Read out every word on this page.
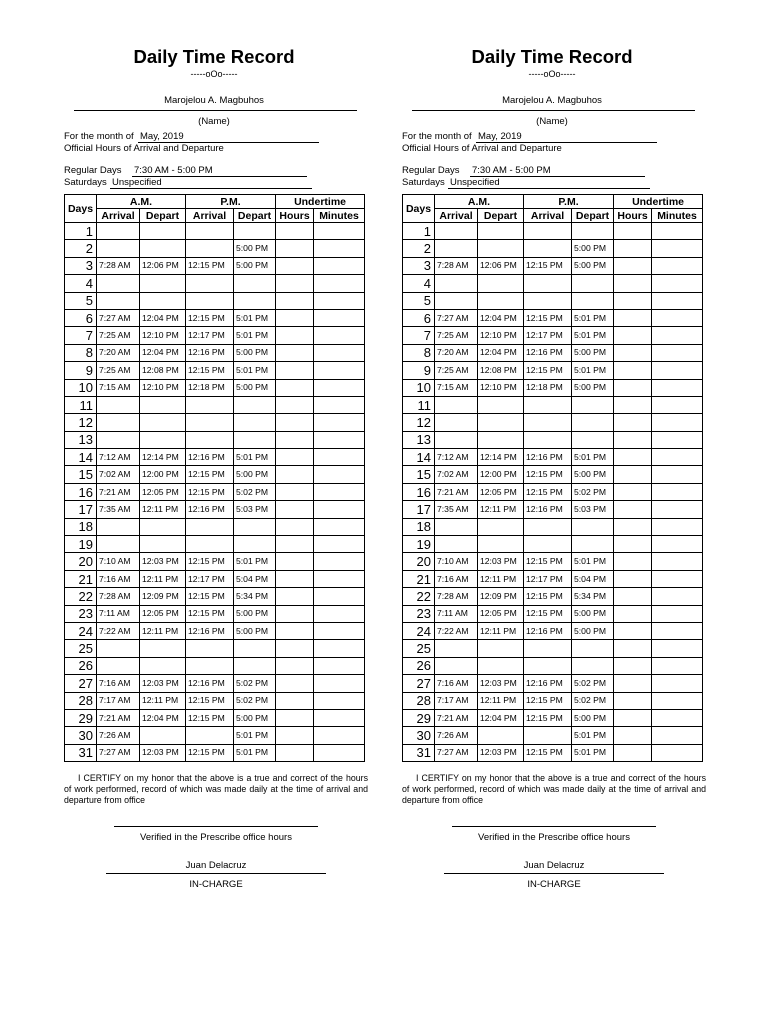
Daily Time Record
-----oOo-----
Marojelou A. Magbuhos
(Name)
For the month of May, 2019
Official Hours of Arrival and Departure
Regular Days 7:30 AM - 5:00 PM
Saturdays Unspecified
Days	A.M.		P.M.		Undertime	
	Arrival	Depart	Arrival	Depart	Hours	Minutes
1						
2				5:00 PM		
3	7:28 AM	12:06 PM	12:15 PM	5:00 PM		
4						
5						
6	7:27 AM	12:04 PM	12:15 PM	5:01 PM		
7	7:25 AM	12:10 PM	12:17 PM	5:01 PM		
8	7:20 AM	12:04 PM	12:16 PM	5:00 PM		
9	7:25 AM	12:08 PM	12:15 PM	5:01 PM		
10	7:15 AM	12:10 PM	12:18 PM	5:00 PM		
11						
12						
13						
14	7:12 AM	12:14 PM	12:16 PM	5:01 PM		
15	7:02 AM	12:00 PM	12:15 PM	5:00 PM		
16	7:21 AM	12:05 PM	12:15 PM	5:02 PM		
17	7:35 AM	12:11 PM	12:16 PM	5:03 PM		
18						
19						
20	7:10 AM	12:03 PM	12:15 PM	5:01 PM		
21	7:16 AM	12:11 PM	12:17 PM	5:04 PM		
22	7:28 AM	12:09 PM	12:15 PM	5:34 PM		
23	7:11 AM	12:05 PM	12:15 PM	5:00 PM		
24	7:22 AM	12:11 PM	12:16 PM	5:00 PM		
25						
26						
27	7:16 AM	12:03 PM	12:16 PM	5:02 PM		
28	7:17 AM	12:11 PM	12:15 PM	5:02 PM		
29	7:21 AM	12:04 PM	12:15 PM	5:00 PM		
30	7:26 AM			5:01 PM		
31	7:27 AM	12:03 PM	12:15 PM	5:01 PM		
I CERTIFY on my honor that the above is a true and correct of the hours of work performed, record of which was made daily at the time of arrival and departure from office
Verified in the Prescribe office hours
Juan Delacruz
IN-CHARGE
Daily Time Record
-----oOo-----
Marojelou A. Magbuhos
(Name)
For the month of May, 2019
Official Hours of Arrival and Departure
Regular Days 7:30 AM - 5:00 PM
Saturdays Unspecified
Days	A.M.		P.M.		Undertime	
	Arrival	Depart	Arrival	Depart	Hours	Minutes
1						
2				5:00 PM		
3	7:28 AM	12:06 PM	12:15 PM	5:00 PM		
4						
5						
6	7:27 AM	12:04 PM	12:15 PM	5:01 PM		
7	7:25 AM	12:10 PM	12:17 PM	5:01 PM		
8	7:20 AM	12:04 PM	12:16 PM	5:00 PM		
9	7:25 AM	12:08 PM	12:15 PM	5:01 PM		
10	7:15 AM	12:10 PM	12:18 PM	5:00 PM		
11						
12						
13						
14	7:12 AM	12:14 PM	12:16 PM	5:01 PM		
15	7:02 AM	12:00 PM	12:15 PM	5:00 PM		
16	7:21 AM	12:05 PM	12:15 PM	5:02 PM		
17	7:35 AM	12:11 PM	12:16 PM	5:03 PM		
18						
19						
20	7:10 AM	12:03 PM	12:15 PM	5:01 PM		
21	7:16 AM	12:11 PM	12:17 PM	5:04 PM		
22	7:28 AM	12:09 PM	12:15 PM	5:34 PM		
23	7:11 AM	12:05 PM	12:15 PM	5:00 PM		
24	7:22 AM	12:11 PM	12:16 PM	5:00 PM		
25						
26						
27	7:16 AM	12:03 PM	12:16 PM	5:02 PM		
28	7:17 AM	12:11 PM	12:15 PM	5:02 PM		
29	7:21 AM	12:04 PM	12:15 PM	5:00 PM		
30	7:26 AM			5:01 PM		
31	7:27 AM	12:03 PM	12:15 PM	5:01 PM		
I CERTIFY on my honor that the above is a true and correct of the hours of work performed, record of which was made daily at the time of arrival and departure from office
Verified in the Prescribe office hours
Juan Delacruz
IN-CHARGE
